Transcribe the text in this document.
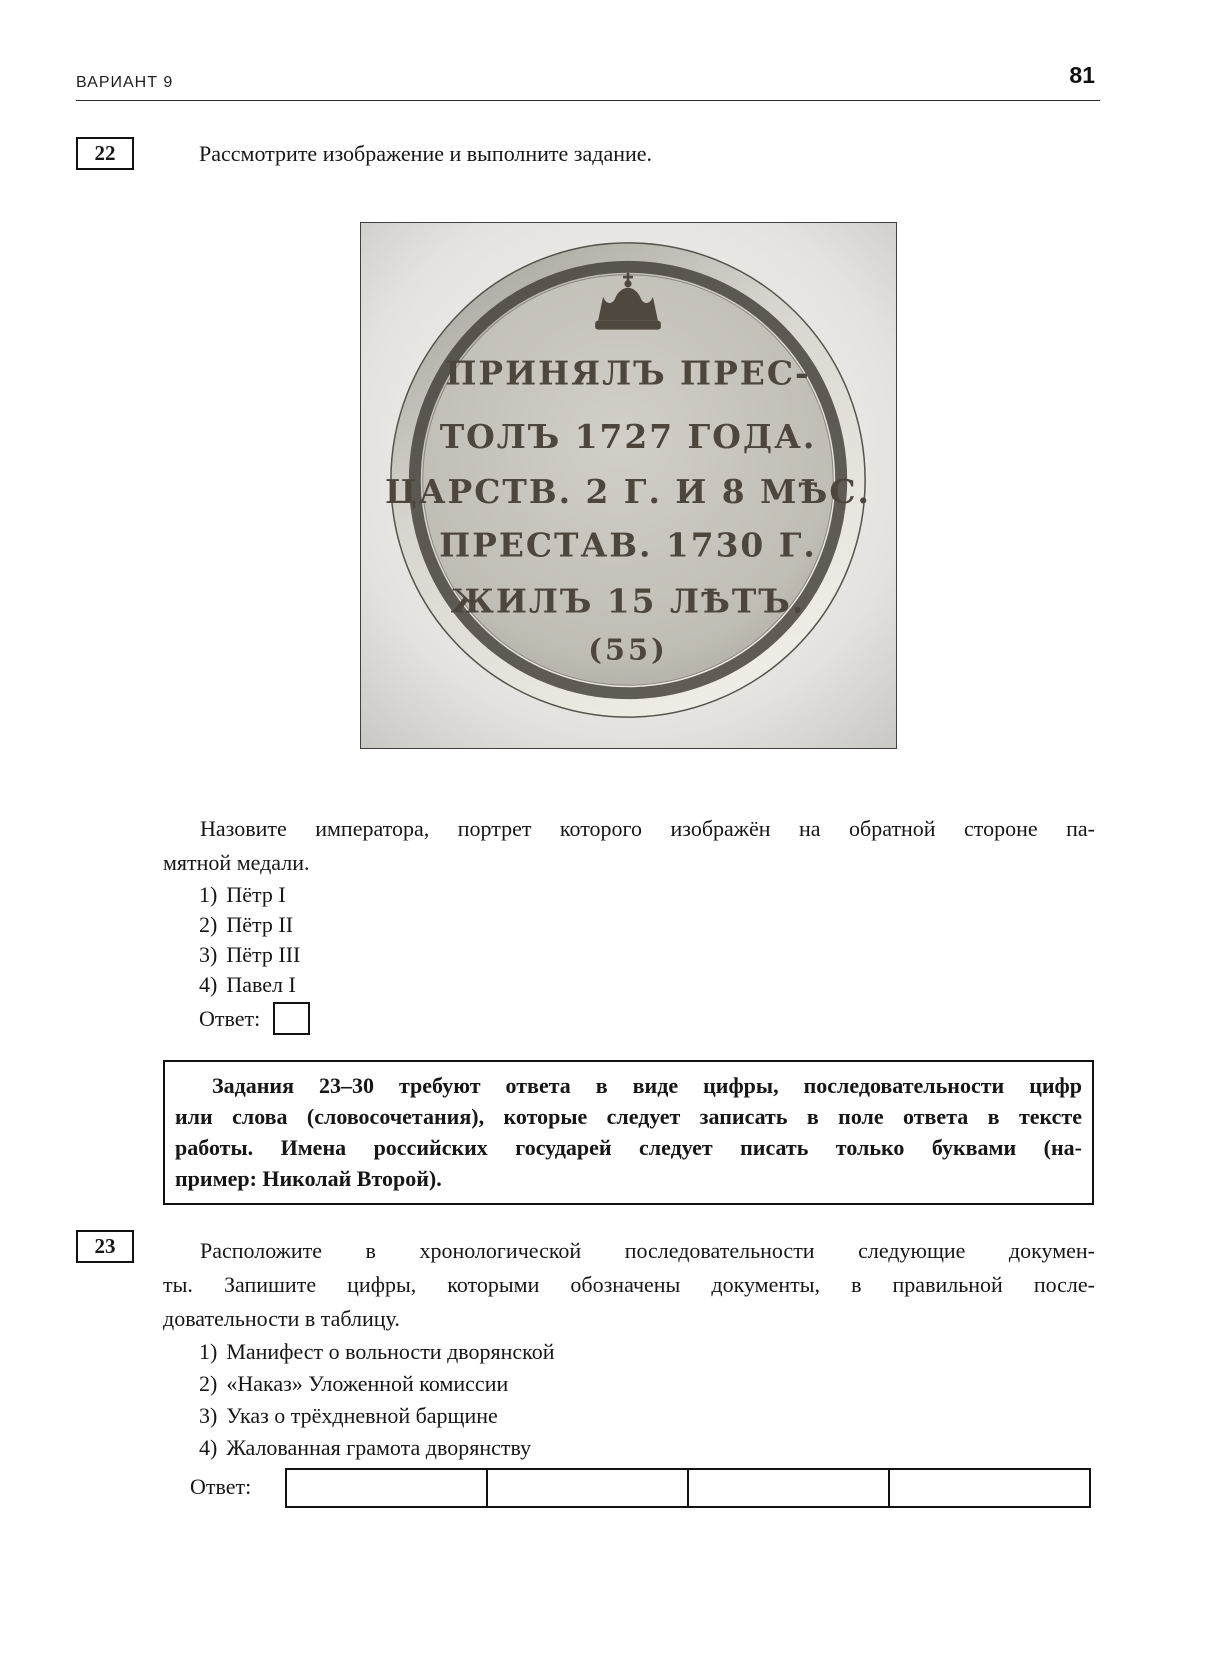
ВАРИАНТ 9	81
22	Рассмотрите изображение и выполните задание.
ПРИНЯЛЪ ПРЕС-
ТОЛЪ 1727 ГОДА.
ЦАРСТВ. 2 Г. И 8 МѢС.
ПРЕСТАВ. 1730 Г.
ЖИЛЪ 15 ЛѢТЪ.
(55)
Назовите императора, портрет которого изображён на обратной стороне па-
мятной медали.
1) Пётр I
2) Пётр II
3) Пётр III
4) Павел I
Ответ:
Задания 23–30 требуют ответа в виде цифры, последовательности цифр
или слова (словосочетания), которые следует записать в поле ответа в тексте
работы. Имена российских государей следует писать только буквами (на-
пример: Николай Второй).
23	Расположите в хронологической последовательности следующие докумен-
ты. Запишите цифры, которыми обозначены документы, в правильной после-
довательности в таблицу.
1) Манифест о вольности дворянской
2) «Наказ» Уложенной комиссии
3) Указ о трёхдневной барщине
4) Жалованная грамота дворянству
Ответ:
